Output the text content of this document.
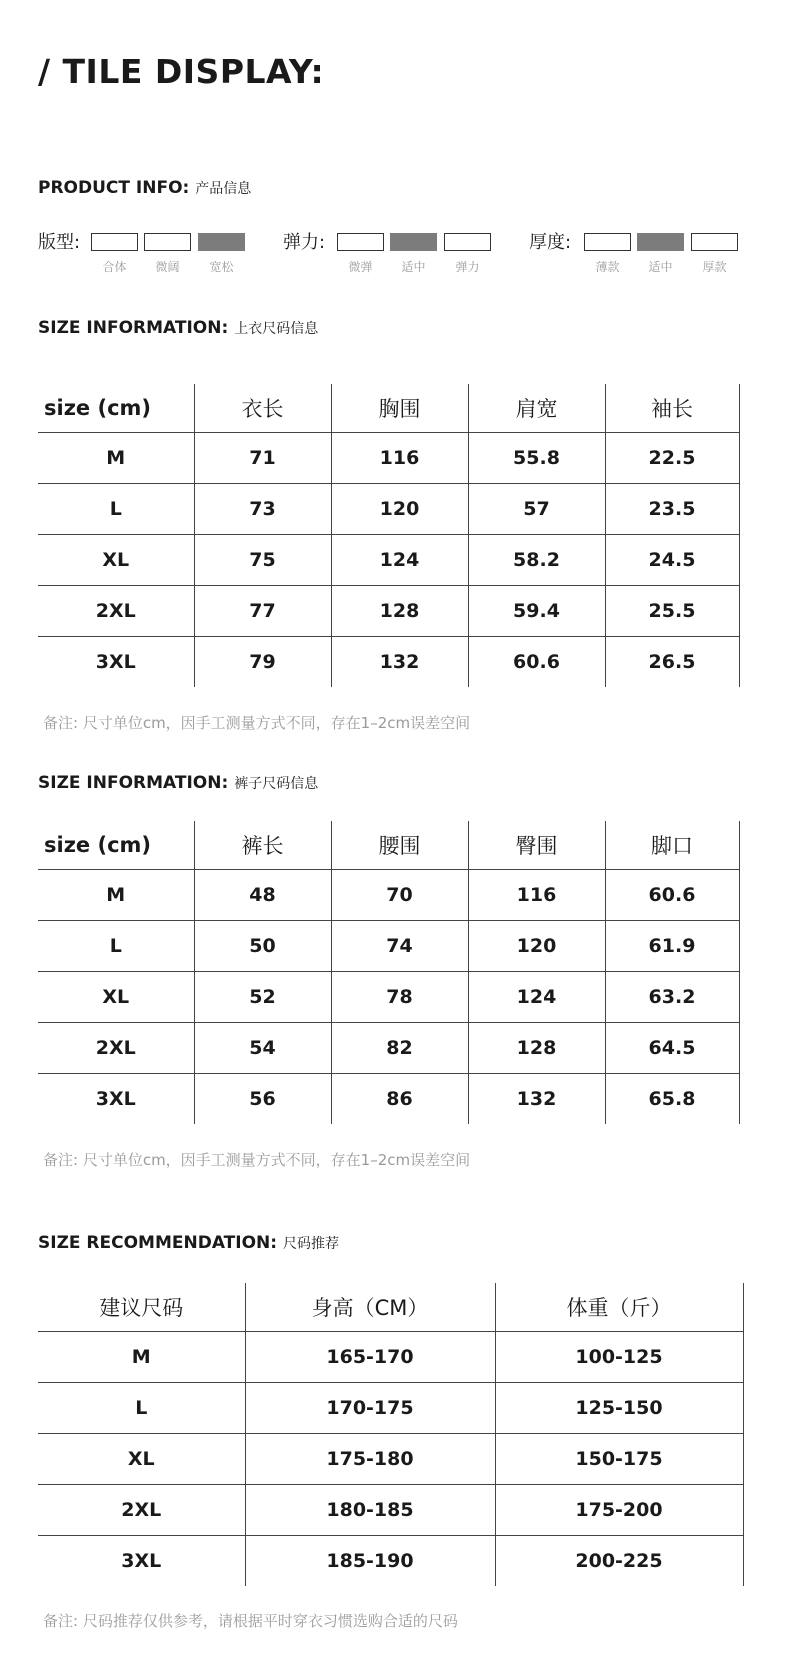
/ TILE DISPLAY:
PRODUCT INFO: 产品信息
版型:	弹力:	厚度:
合体	微阔	宽松	微弹	适中	弹力	薄款	适中	厚款
SIZE INFORMATION: 上衣尺码信息
size (cm)	衣长	胸围	肩宽	袖长
M	71	116	55.8	22.5
L	73	120	57	23.5
XL	75	124	58.2	24.5
2XL	77	128	59.4	25.5
3XL	79	132	60.6	26.5
备注: 尺寸单位cm，因手工测量方式不同，存在1–2cm误差空间
SIZE INFORMATION: 裤子尺码信息
size (cm)	裤长	腰围	臀围	脚口
M	48	70	116	60.6
L	50	74	120	61.9
XL	52	78	124	63.2
2XL	54	82	128	64.5
3XL	56	86	132	65.8
备注: 尺寸单位cm，因手工测量方式不同，存在1–2cm误差空间
SIZE RECOMMENDATION: 尺码推荐
建议尺码	身高（CM）	体重（斤）
M	165-170	100-125
L	170-175	125-150
XL	175-180	150-175
2XL	180-185	175-200
3XL	185-190	200-225
备注: 尺码推荐仅供参考，请根据平时穿衣习惯选购合适的尺码
